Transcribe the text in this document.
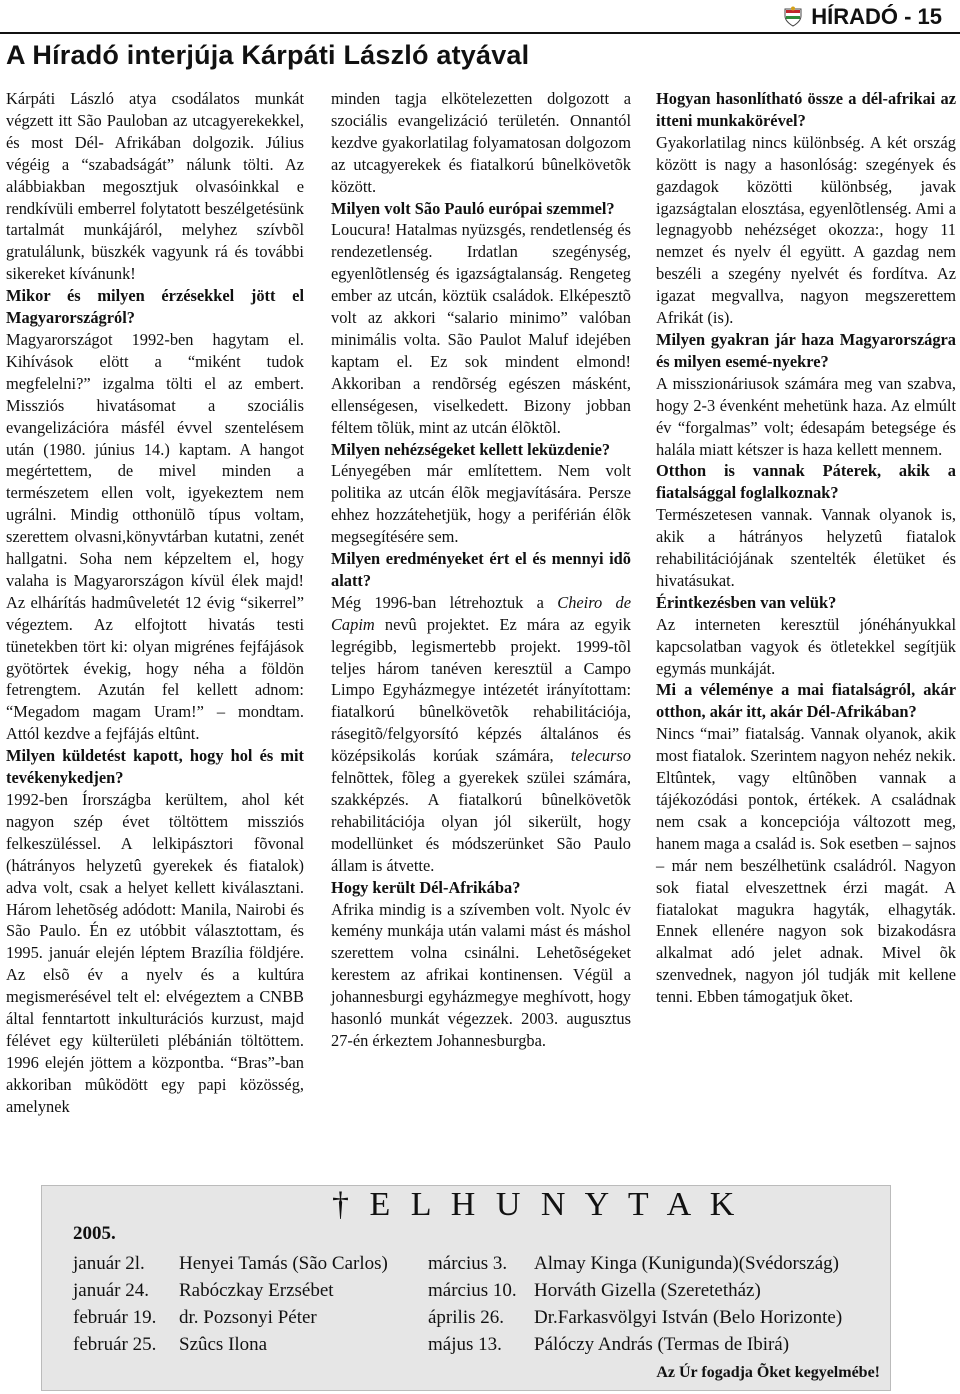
HÍRADÓ - 15
A Híradó interjúja Kárpáti László atyával

Kárpáti László atya csodálatos munkát végzett itt São Pauloban az utcagyerekekkel, és most Dél- Afrikában dolgozik. Július végéig a “szabadságát” nálunk tölti. Az alábbiakban megosztjuk olvasóinkkal e rendkívüli emberrel folytatott beszélgetésünk tartalmát munkájáról, melyhez szívbõl gratulálunk, büszkék vagyunk rá és további sikereket kívánunk!

Mikor és milyen érzésekkel jött el Magyarországról?

Magyarországot 1992-ben hagytam el. Kihívások elött a “miként tudok megfelelni?” izgalma tölti el az embert. Missziós hivatásomat a szociális evangelizációra másfél évvel szentelésem után (1980. június 14.) kaptam. A hangot megértettem, de mivel minden a természetem ellen volt, igyekeztem nem ugrálni. Mindig otthonülõ típus voltam, szerettem olvasni,könyvtárban kutatni, zenét hallgatni. Soha nem képzeltem el, hogy valaha is Magyarországon kívül élek majd! Az elhárítás hadmûveletét 12 évig “sikerrel” végeztem. Az elfojtott hivatás testi tünetekben tört ki: olyan migrénes fejfájások gyötörtek évekig, hogy néha a földön fetrengtem. Azután fel kellett adnom: “Megadom magam Uram!” – mondtam. Attól kezdve a fejfájás eltûnt.

Milyen küldetést kapott, hogy hol és mit tevékenykedjen?

1992-ben Írországba kerültem, ahol két nagyon szép évet töltöttem missziós felkeszüléssel. A lelkipásztori fõvonal (hátrányos helyzetû gyerekek és fiatalok) adva volt, csak a helyet kellett kiválasztani. Három lehetõség adódott: Manila, Nairobi és São Paulo. Én ez utóbbit választottam, és 1995. január elején léptem Brazília földjére. Az elsõ év a nyelv és a kultúra megismerésével telt el: elvégeztem a CNBB által fenntartott inkulturációs kurzust, majd félévet egy külterületi plébánián töltöttem. 1996 elején jöttem a központba. “Bras”-ban akkoriban mûködött egy papi közösség, amelynek

minden tagja elkötelezetten dolgozott a szociális evangelizáció területén. Onnantól kezdve gyakorlatilag folyamatosan dolgozom az utcagyerekek és fiatalkorú bûnelkövetõk között.

Milyen volt São Pauló európai szemmel?

Loucura! Hatalmas nyüzsgés, rendetlenség és rendezetlenség. Irdatlan szegénység, egyenlõtlenség és igazságtalanság. Rengeteg ember az utcán, köztük családok. Elképesztõ volt az akkori “salario minimo” valóban minimális volta. São Paulot Maluf idejében kaptam el. Ez sok mindent elmond! Akkoriban a rendõrség egészen másként, ellenségesen, viselkedett. Bizony jobban féltem tõlük, mint az utcán élõktõl.

Milyen nehézségeket kellett leküzdenie?

Lényegében már említettem. Nem volt politika az utcán élõk megjavítására. Persze ehhez hozzátehetjük, hogy a periférián élõk megsegítésére sem.

Milyen eredményeket ért el és mennyi idõ alatt?

Még 1996-ban létrehoztuk a Cheiro de Capim nevû projektet. Ez mára az egyik legrégibb, legismertebb projekt. 1999-tõl teljes három tanéven keresztül a Campo Limpo Egyházmegye intézetét irányítottam: fiatalkorú bûnelkövetõk rehabilitációja, rásegitõ/felgyorsító képzés általános és középsikolás korúak számára, telecurso felnõttek, fõleg a gyerekek szülei számára, szakképzés. A fiatalkorú bûnelkövetõk rehabilitációja olyan jól sikerült, hogy modellünket és módszerünket São Paulo állam is átvette.

Hogy került Dél-Afrikába?

Afrika mindig is a szívemben volt. Nyolc év kemény munkája után valami mást és máshol szerettem volna csinálni. Lehetõségeket kerestem az afrikai kontinensen. Végül a johannesburgi egyházmegye meghívott, hogy hasonló munkát végezzek. 2003. augusztus 27-én érkeztem Johannesburgba.

Hogyan hasonlítható össze a dél-afrikai az itteni munkakörével?

Gyakorlatilag nincs különbség. A két ország között is nagy a hasonlóság: szegények és gazdagok közötti különbség, javak igazságtalan elosztása, egyenlõtlenség. Ami a legnagyobb nehézséget okozza:, hogy 11 nemzet és nyelv él együtt. A gazdag nem beszéli a szegény nyelvét és fordítva. Az igazat megvallva, nagyon megszerettem Afrikát (is).

Milyen gyakran jár haza Magyarországra és milyen esemé-nyekre?

A misszionáriusok számára meg van szabva, hogy 2-3 évenként mehetünk haza. Az elmúlt év “forgalmas” volt; édesapám betegsége és halála miatt kétszer is haza kellett mennem.

Otthon is vannak Páterek, akik a fiatalsággal foglalkoznak?

Természetesen vannak. Vannak olyanok is, akik a hátrányos helyzetû fiatalok rehabilitációjának szentelték életüket és hivatásukat.

Érintkezésben van velük?

Az interneten keresztül jónéhányukkal kapcsolatban vagyok és ötletekkel segítjük egymás munkáját.

Mi a véleménye a mai fiatalságról, akár otthon, akár itt, akár Dél-Afrikában?

Nincs “mai” fiatalság. Vannak olyanok, akik most fiatalok. Szerintem nagyon nehéz nekik. Eltûntek, vagy eltûnõben vannak a tájékozódási pontok, értékek. A családnak nem csak a koncepciója változott meg, hanem maga a család is. Sok esetben – sajnos – már nem beszélhetünk családról. Nagyon sok fiatal elveszettnek érzi magát. A fiatalokat magukra hagyták, elhagyták. Ennek ellenére nagyon sok bizakodásra alkalmat adó jelet adnak. Mivel õk szenvednek, nagyon jól tudják mit kellene tenni. Ebben támogatjuk õket.

† E L H U N Y T A K
2005.
január 2l. Henyei Tamás (São Carlos) március 3. Almay Kinga (Kunigunda)(Svédország)
január 24. Rabóczkay Erzsébet	március 10. Horváth Gizella (Szeretetház)
február 19. dr. Pozsonyi Péter	április 26. Dr.Farkasvölgyi István (Belo Horizonte)
február 25. Szûcs Ilona	május 13. Pálóczy András (Termas de Ibirá)
Az Úr fogadja Õket kegyelmébe!
